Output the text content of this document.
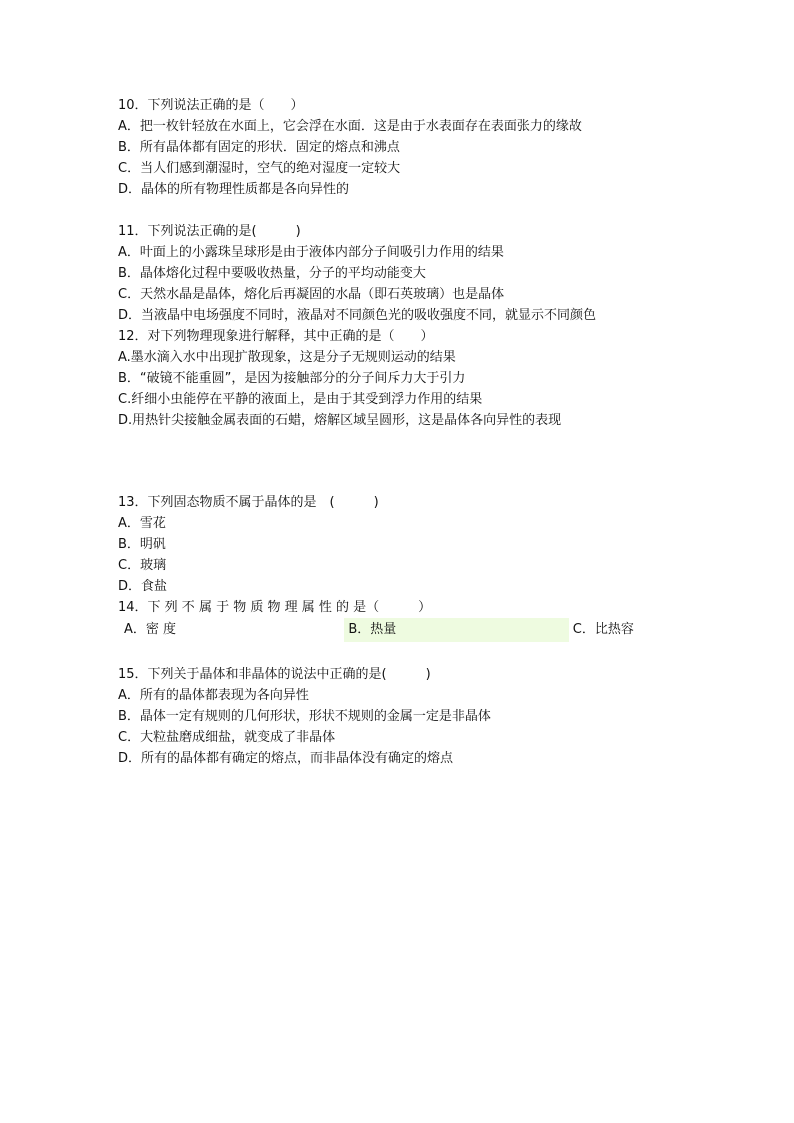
10．下列说法正确的是（　　）
A．把一枚针轻放在水面上，它会浮在水面．这是由于水表面存在表面张力的缘故
B．所有晶体都有固定的形状．固定的熔点和沸点
C．当人们感到潮湿时，空气的绝对湿度一定较大
D．晶体的所有物理性质都是各向异性的
11．下列说法正确的是(　　　)
A．叶面上的小露珠呈球形是由于液体内部分子间吸引力作用的结果
B．晶体熔化过程中要吸收热量，分子的平均动能变大
C．天然水晶是晶体，熔化后再凝固的水晶（即石英玻璃）也是晶体
D．当液晶中电场强度不同时，液晶对不同颜色光的吸收强度不同，就显示不同颜色
12．对下列物理现象进行解释，其中正确的是（　　）
A.墨水滴入水中出现扩散现象，这是分子无规则运动的结果
B．“破镜不能重圆”，是因为接触部分的分子间斥力大于引力
C.纤细小虫能停在平静的液面上，是由于其受到浮力作用的结果
D.用热针尖接触金属表面的石蜡，熔解区域呈圆形，这是晶体各向异性的表现
13．下列固态物质不属于晶体的是　(　　　)
A．雪花
B．明矾
C．玻璃
D．食盐
14．下 列 不 属 于 物 质 物 理 属 性 的 是（　　　）
A．密 度	B．热量	C．比热容
15．下列关于晶体和非晶体的说法中正确的是(　　　)
A．所有的晶体都表现为各向异性
B．晶体一定有规则的几何形状，形状不规则的金属一定是非晶体
C．大粒盐磨成细盐，就变成了非晶体
D．所有的晶体都有确定的熔点，而非晶体没有确定的熔点
